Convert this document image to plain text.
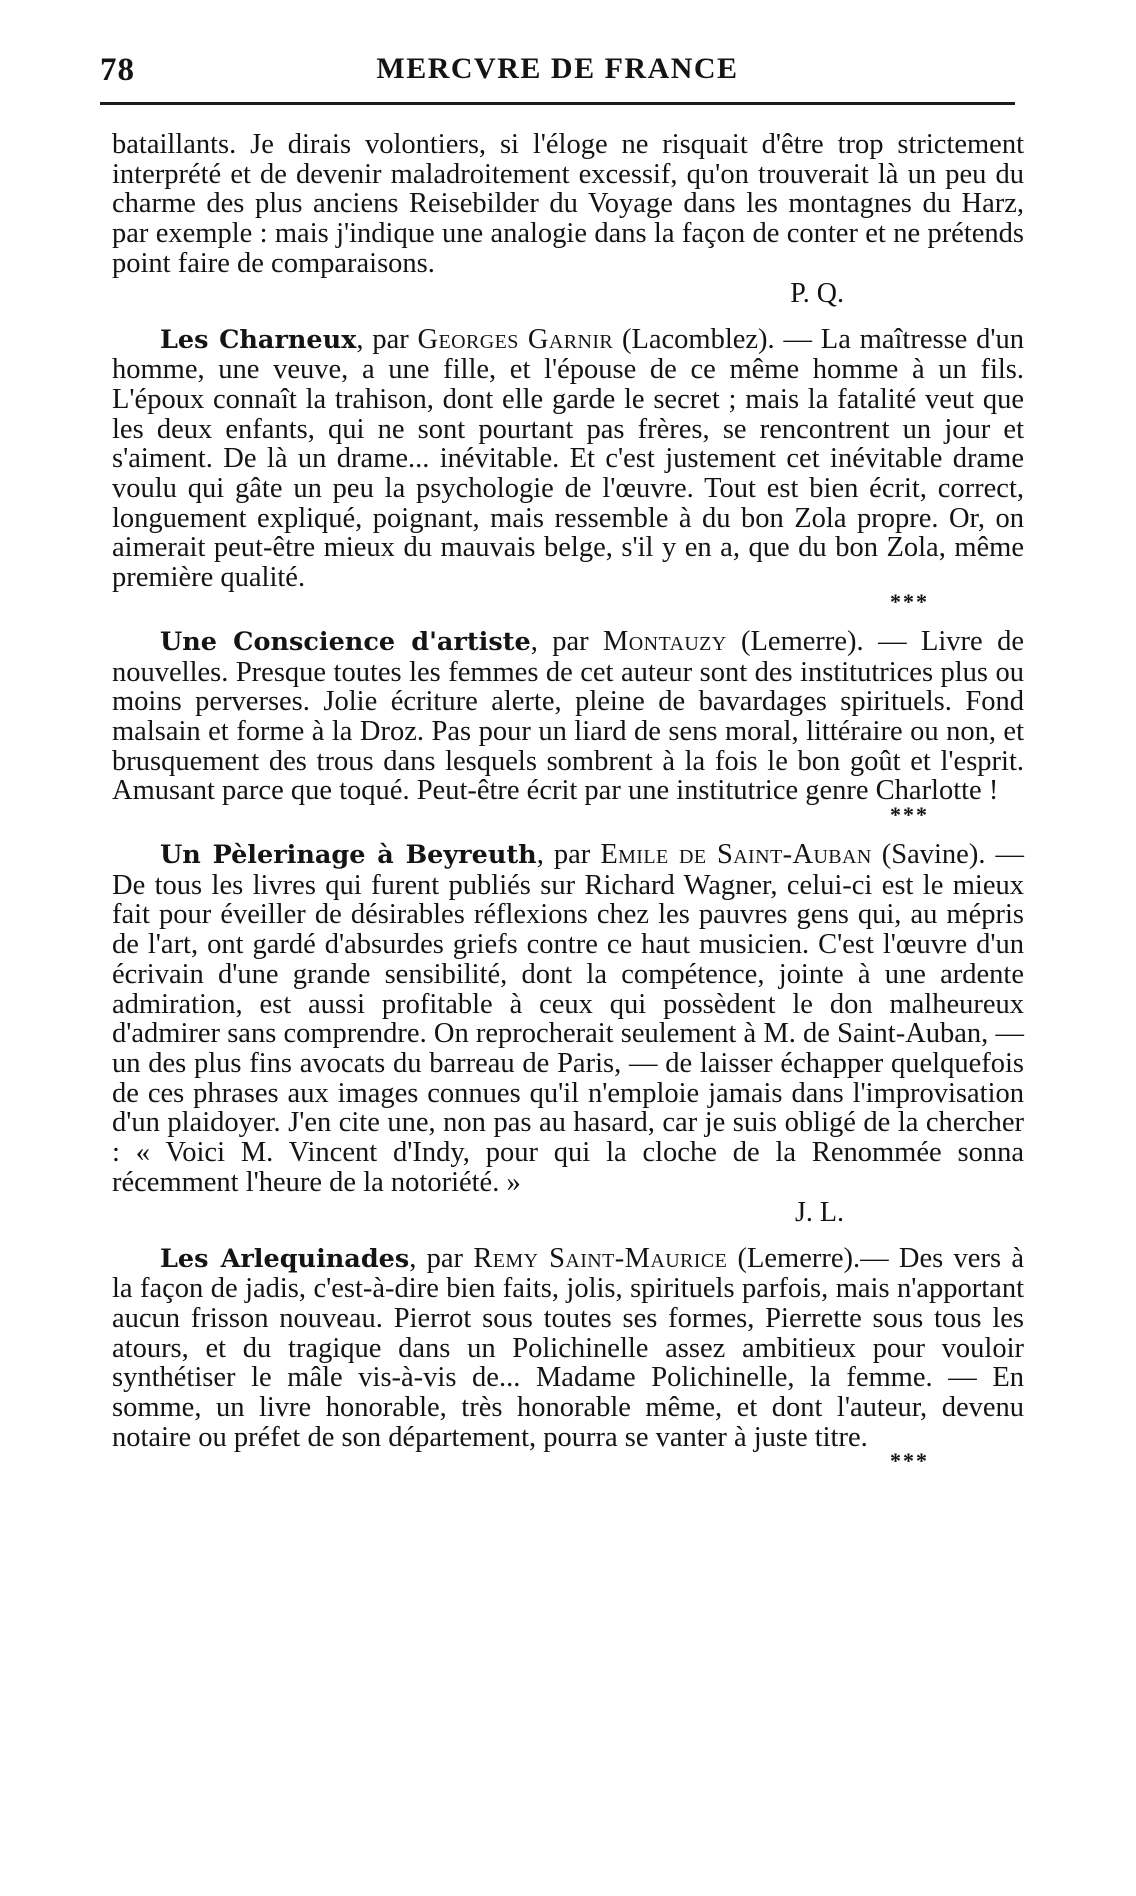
78	MERCVRE DE FRANCE

bataillants. Je dirais volontiers, si l'éloge ne risquait d'être trop strictement interprété et de devenir maladroitement excessif, qu'on trouverait là un peu du charme des plus anciens Reisebilder du Voyage dans les montagnes du Harz, par exemple : mais j'indique une analogie dans la façon de conter et ne prétends point faire de comparaisons.

P. Q.

Les Charneux, par Georges Garnir (Lacomblez). — La maîtresse d'un homme, une veuve, a une fille, et l'épouse de ce même homme à un fils. L'époux connaît la trahison, dont elle garde le secret ; mais la fatalité veut que les deux enfants, qui ne sont pourtant pas frères, se rencontrent un jour et s'aiment. De là un drame... inévitable. Et c'est justement cet inévitable drame voulu qui gâte un peu la psychologie de l'œuvre. Tout est bien écrit, correct, longuement expliqué, poignant, mais ressemble à du bon Zola propre. Or, on aimerait peut-être mieux du mauvais belge, s'il y en a, que du bon Zola, même première qualité.

***

Une Conscience d'artiste, par Montauzy (Lemerre). — Livre de nouvelles. Presque toutes les femmes de cet auteur sont des institutrices plus ou moins perverses. Jolie écriture alerte, pleine de bavardages spirituels. Fond malsain et forme à la Droz. Pas pour un liard de sens moral, littéraire ou non, et brusquement des trous dans lesquels sombrent à la fois le bon goût et l'esprit. Amusant parce que toqué. Peut-être écrit par une institutrice genre Charlotte !

***

Un Pèlerinage à Beyreuth, par Emile de Saint-Auban (Savine). — De tous les livres qui furent publiés sur Richard Wagner, celui-ci est le mieux fait pour éveiller de désirables réflexions chez les pauvres gens qui, au mépris de l'art, ont gardé d'absurdes griefs contre ce haut musicien. C'est l'œuvre d'un écrivain d'une grande sensibilité, dont la compétence, jointe à une ardente admiration, est aussi profitable à ceux qui possèdent le don malheureux d'admirer sans comprendre. On reprocherait seulement à M. de Saint-Auban, — un des plus fins avocats du barreau de Paris, — de laisser échapper quelquefois de ces phrases aux images connues qu'il n'emploie jamais dans l'improvisation d'un plaidoyer. J'en cite une, non pas au hasard, car je suis obligé de la chercher : « Voici M. Vincent d'Indy, pour qui la cloche de la Renommée sonna récemment l'heure de la notoriété. »

J. L.

Les Arlequinades, par Remy Saint-Maurice (Lemerre).— Des vers à la façon de jadis, c'est-à-dire bien faits, jolis, spirituels parfois, mais n'apportant aucun frisson nouveau. Pierrot sous toutes ses formes, Pierrette sous tous les atours, et du tragique dans un Polichinelle assez ambitieux pour vouloir synthétiser le mâle vis-à-vis de... Madame Polichinelle, la femme. — En somme, un livre honorable, très honorable même, et dont l'auteur, devenu notaire ou préfet de son département, pourra se vanter à juste titre.

***
